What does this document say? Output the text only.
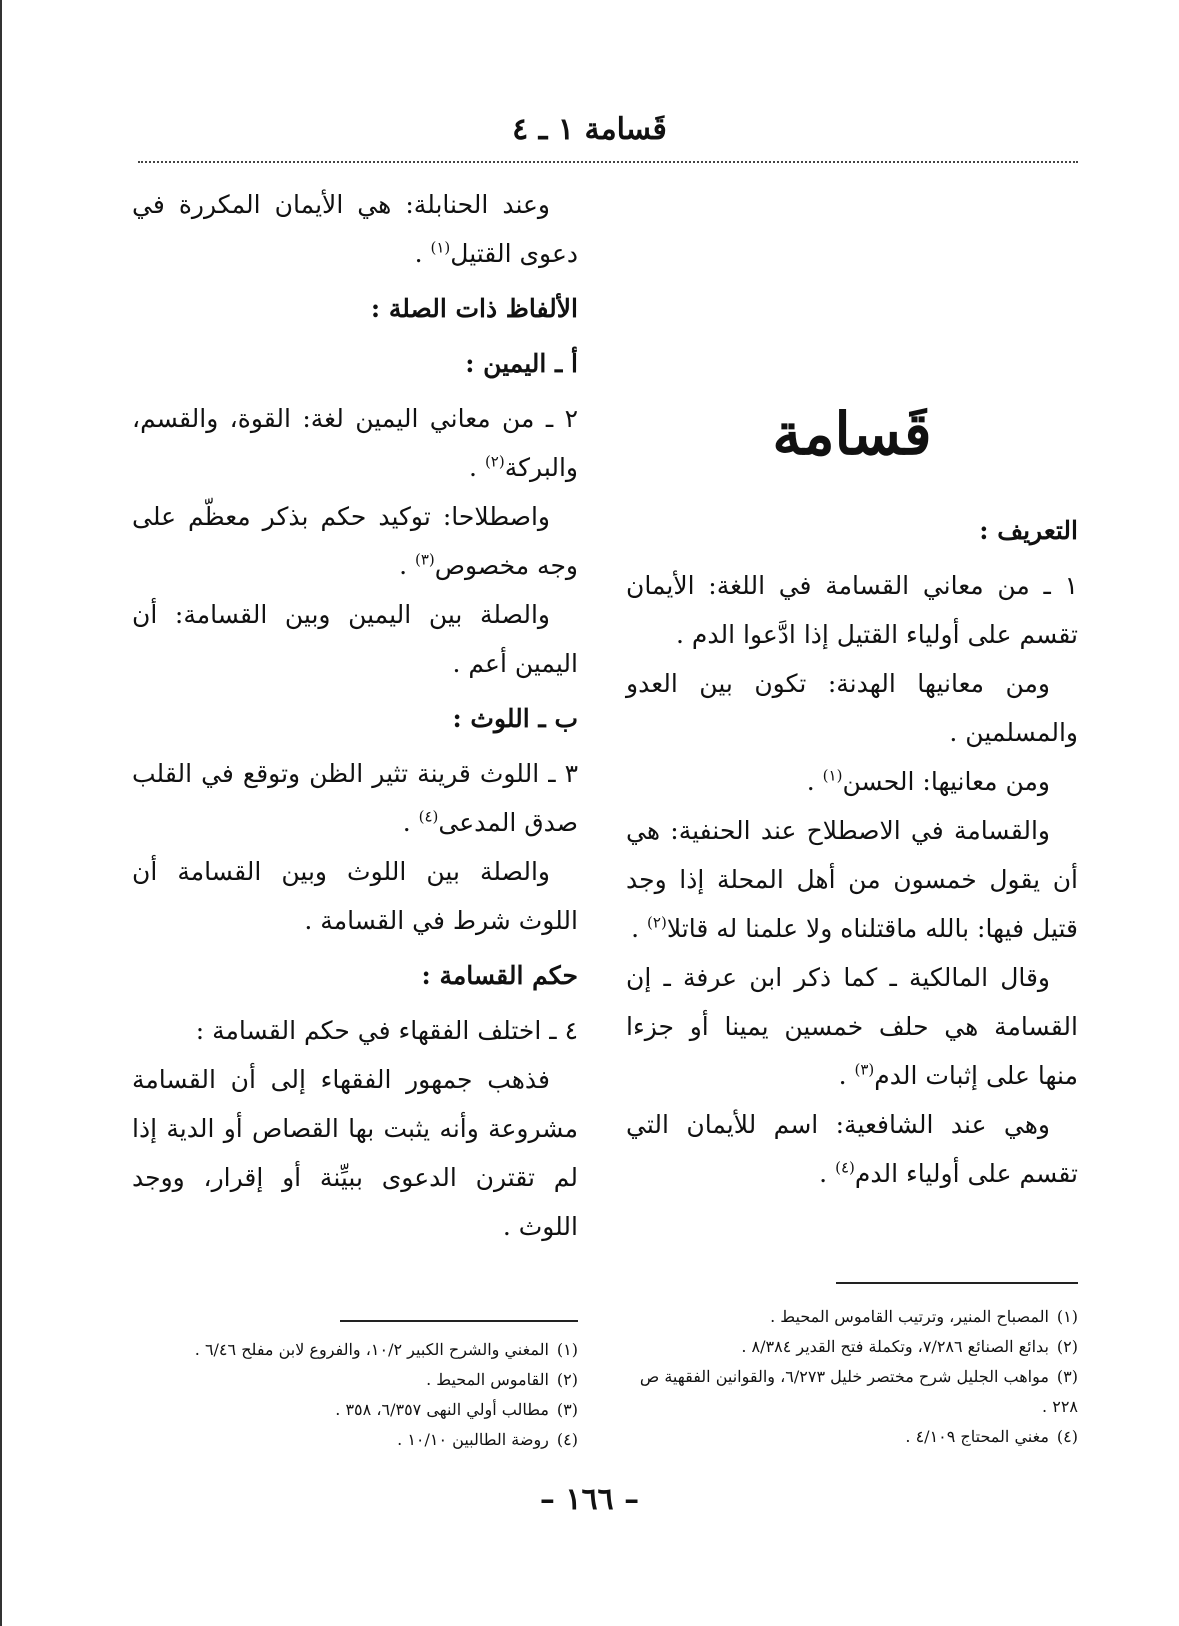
قَسامة ١ ـ ٤
قَسامة

وعند الحنابلة: هي الأيمان المكررة في دعوى القتيل$^{(١)}$ .

الألفاظ ذات الصلة :
أ ـ اليمين :

٢ ـ من معاني اليمين لغة: القوة، والقسم، والبركة$^{(٢)}$ .

واصطلاحا: توكيد حكم بذكر معظّم على وجه مخصوص$^{(٣)}$ .

والصلة بين اليمين وبين القسامة: أن اليمين أعم .

ب ـ اللوث :

٣ ـ اللوث قرينة تثير الظن وتوقع في القلب صدق المدعى$^{(٤)}$ .

والصلة بين اللوث وبين القسامة أن اللوث شرط في القسامة .

حكم القسامة :

٤ ـ اختلف الفقهاء في حكم القسامة :

فذهب جمهور الفقهاء إلى أن القسامة مشروعة وأنه يثبت بها القصاص أو الدية إذا لم تقترن الدعوى ببيِّنة أو إقرار، ووجد اللوث .

التعريف :

١ ـ من معاني القسامة في اللغة: الأيمان تقسم على أولياء القتيل إذا ادَّعوا الدم .

ومن معانيها الهدنة: تكون بين العدو والمسلمين .

ومن معانيها: الحسن$^{(١)}$ .

والقسامة في الاصطلاح عند الحنفية: هي أن يقول خمسون من أهل المحلة إذا وجد قتيل فيها: بالله ماقتلناه ولا علمنا له قاتلا$^{(٢)}$ .

وقال المالكية ـ كما ذكر ابن عرفة ـ إن القسامة هي حلف خمسين يمينا أو جزءا منها على إثبات الدم$^{(٣)}$ .

وهي عند الشافعية: اسم للأيمان التي تقسم على أولياء الدم$^{(٤)}$ .

(١)المغني والشرح الكبير ١٠/٢، والفروع لابن مفلح ٦/٤٦ .
(٢)القاموس المحيط .
(٣)مطالب أولي النهى ٦/٣٥٧، ٣٥٨ .
(٤)روضة الطالبين ١٠/١٠ .
(١)المصباح المنير، وترتيب القاموس المحيط .
(٢)بدائع الصنائع ٧/٢٨٦، وتكملة فتح القدير ٨/٣٨٤ .
(٣)مواهب الجليل شرح مختصر خليل ٦/٢٧٣، والقوانين الفقهية ص ٢٢٨ .
(٤)مغني المحتاج ٤/١٠٩ .
– ١٦٦ –
